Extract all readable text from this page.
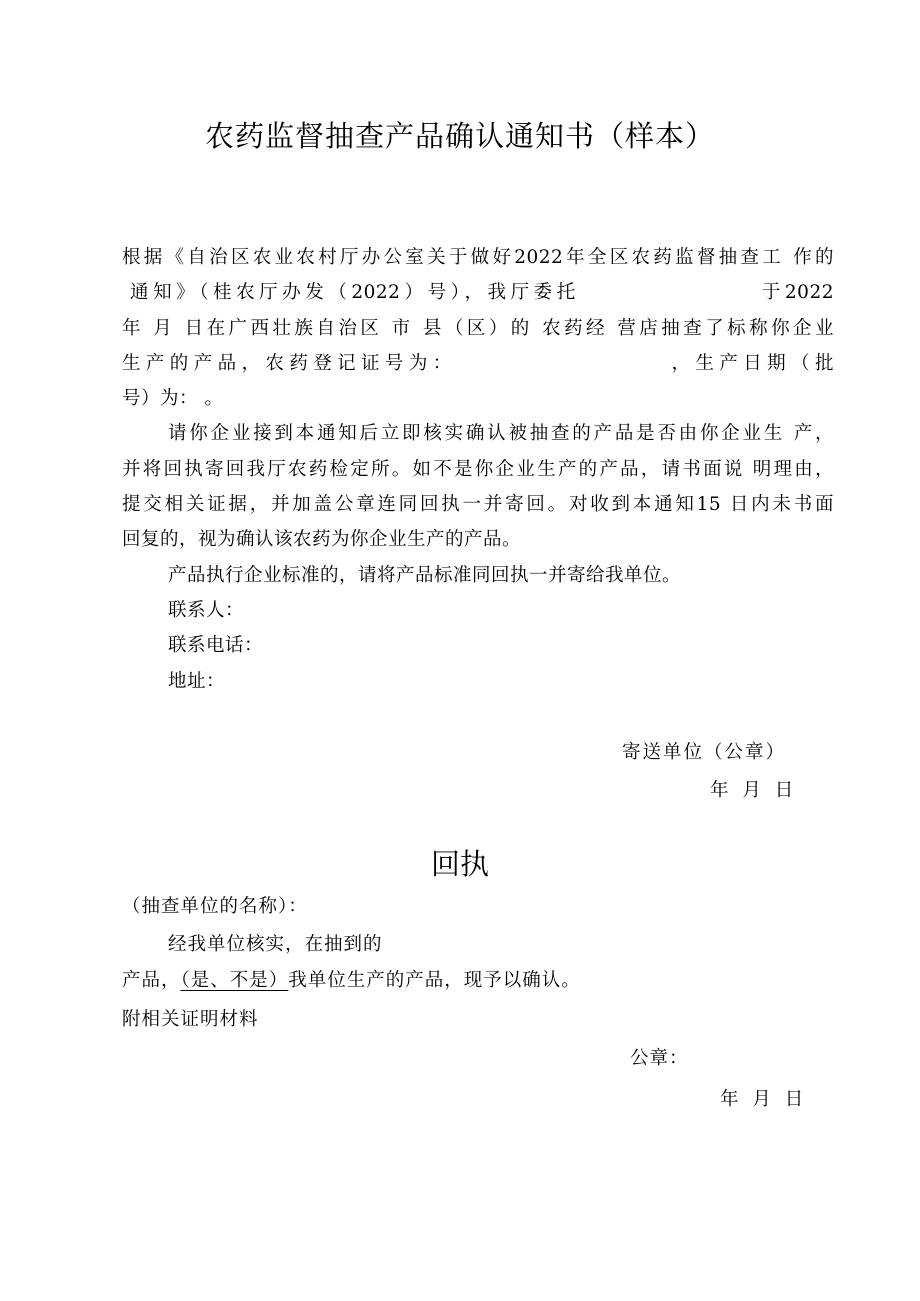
农药监督抽查产品确认通知书（样本）

根据《自治区农业农村厅办公室关于做好2022年全区农药监督抽查工 作的

通知》（桂农厅办发（2022）号），我厅委托	于2022

年 月 日在广西壮族自治区 市 县（区）的 农药经 营店抽查了标称你企业

生产的产品，农药登记证号为：	，生产日期（批

号）为： 。

请你企业接到本通知后立即核实确认被抽查的产品是否由你企业生 产，

并将回执寄回我厅农药检定所。如不是你企业生产的产品，请书面说 明理由，

提交相关证据，并加盖公章连同回执一并寄回。对收到本通知15 日内未书面

回复的，视为确认该农药为你企业生产的产品。

产品执行企业标准的，请将产品标准同回执一并寄给我单位。

联系人：

联系电话：

地址：

寄送单位（公章）
年 月 日
回执
（抽查单位的名称）：
经我单位核实，在抽到的
产品，（是、不是）我单位生产的产品，现予以确认。
附相关证明材料
公章：
年 月 日
